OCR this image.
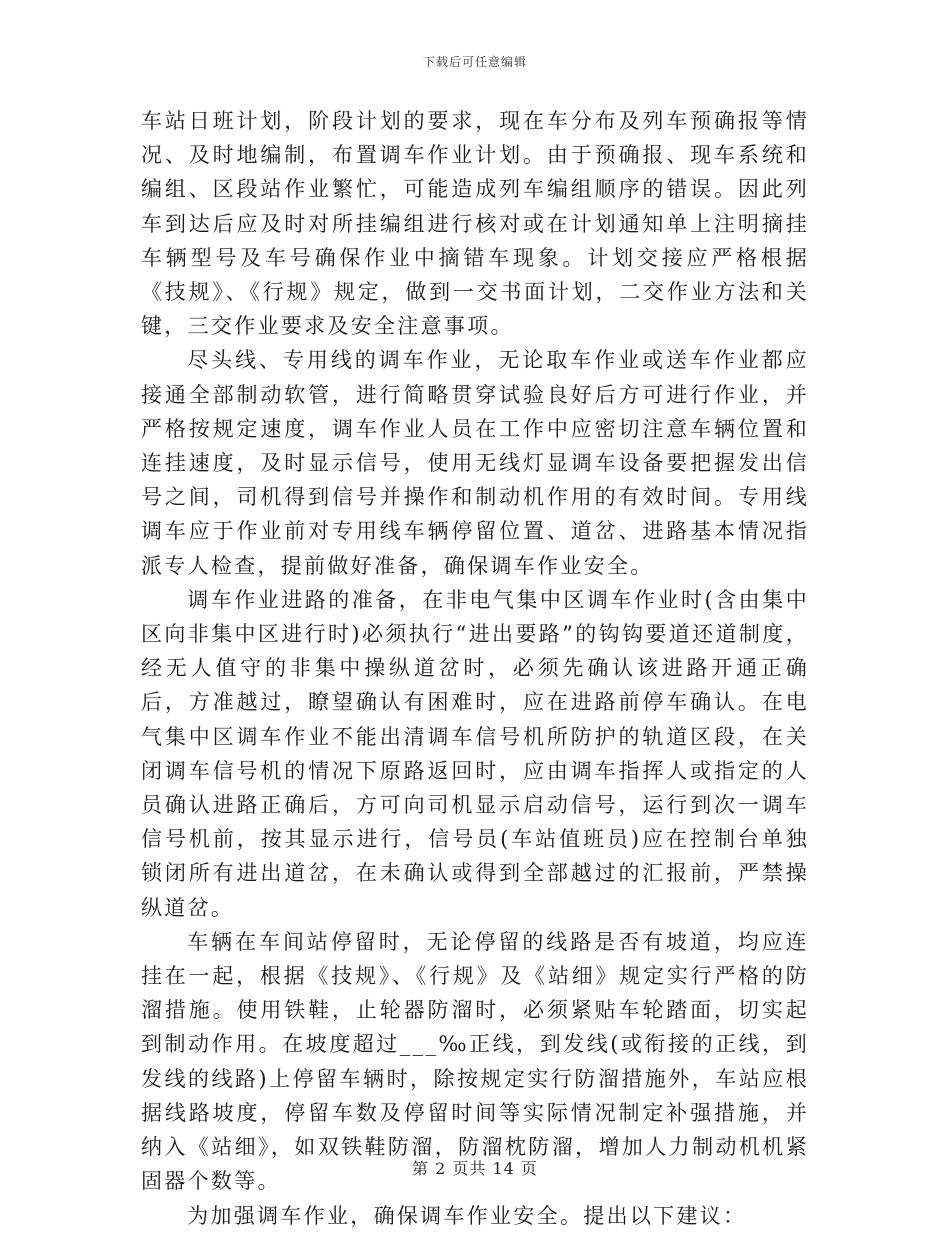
下载后可任意编辑

车站日班计划，阶段计划的要求，现在车分布及列车预确报等情况、及时地编制，布置调车作业计划。由于预确报、现车系统和编组、区段站作业繁忙，可能造成列车编组顺序的错误。因此列车到达后应及时对所挂编组进行核对或在计划通知单上注明摘挂车辆型号及车号确保作业中摘错车现象。计划交接应严格根据《技规》、《行规》规定，做到一交书面计划，二交作业方法和关键，三交作业要求及安全注意事项。

尽头线、专用线的调车作业，无论取车作业或送车作业都应接通全部制动软管，进行简略贯穿试验良好后方可进行作业，并严格按规定速度，调车作业人员在工作中应密切注意车辆位置和连挂速度，及时显示信号，使用无线灯显调车设备要把握发出信号之间，司机得到信号并操作和制动机作用的有效时间。专用线调车应于作业前对专用线车辆停留位置、道岔、进路基本情况指派专人检查，提前做好准备，确保调车作业安全。

调车作业进路的准备，在非电气集中区调车作业时(含由集中区向非集中区进行时)必须执行“进出要路”的钩钩要道还道制度，经无人值守的非集中操纵道岔时，必须先确认该进路开通正确后，方准越过，瞭望确认有困难时，应在进路前停车确认。在电气集中区调车作业不能出清调车信号机所防护的轨道区段，在关闭调车信号机的情况下原路返回时，应由调车指挥人或指定的人员确认进路正确后，方可向司机显示启动信号，运行到次一调车信号机前，按其显示进行，信号员(车站值班员)应在控制台单独锁闭所有进出道岔，在未确认或得到全部越过的汇报前，严禁操纵道岔。

车辆在车间站停留时，无论停留的线路是否有坡道，均应连挂在一起，根据《技规》、《行规》及《站细》规定实行严格的防溜措施。使用铁鞋，止轮器防溜时，必须紧贴车轮踏面，切实起到制动作用。在坡度超过___‰正线，到发线(或衔接的正线，到发线的线路)上停留车辆时，除按规定实行防溜措施外，车站应根据线路坡度，停留车数及停留时间等实际情况制定补强措施，并纳入《站细》，如双铁鞋防溜，防溜枕防溜，增加人力制动机机紧固器个数等。

为加强调车作业，确保调车作业安全。提出以下建议：

第 2 页共 14 页
